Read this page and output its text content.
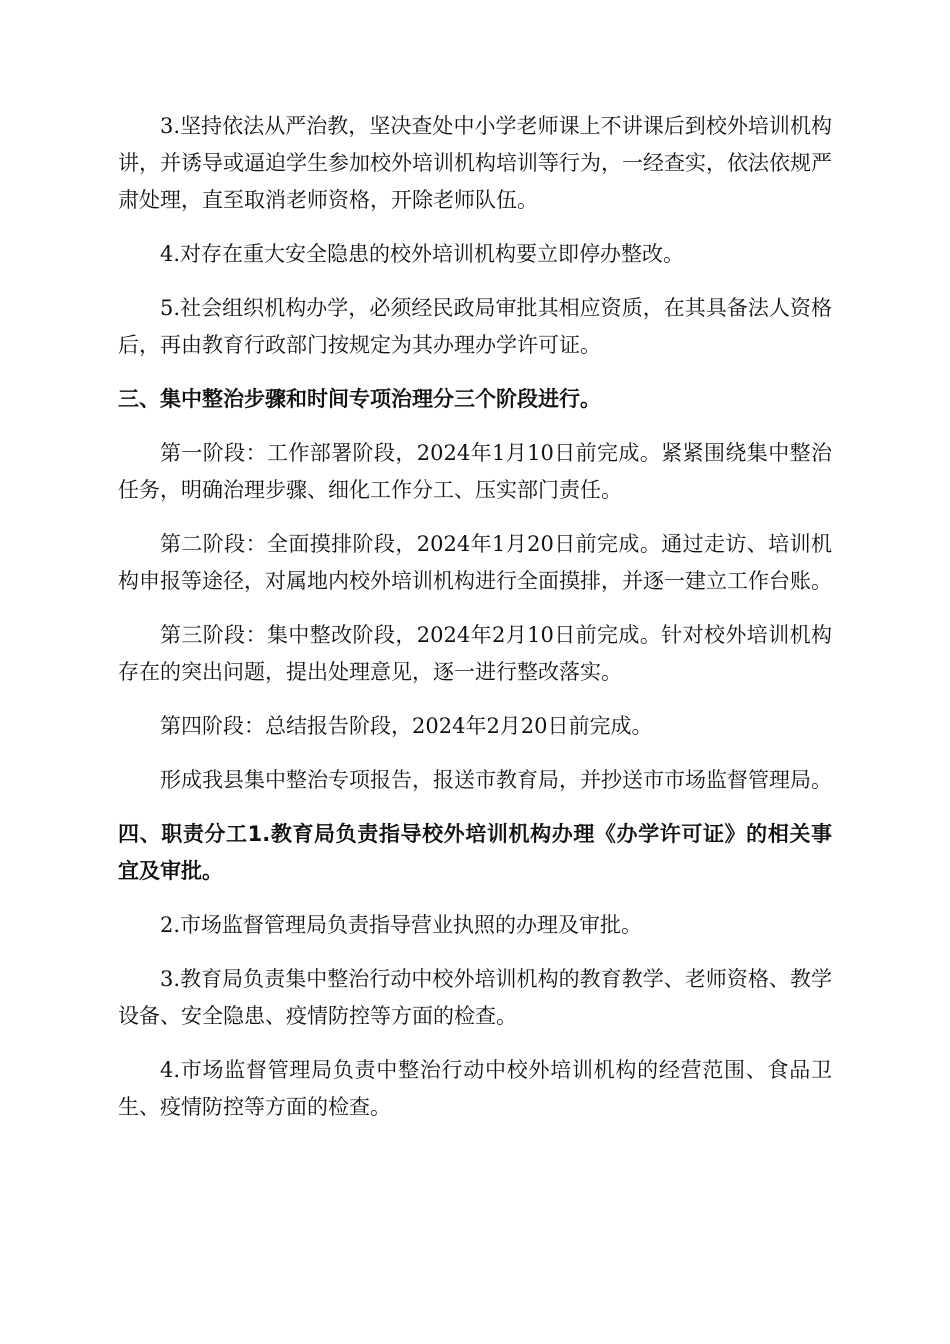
3.坚持依法从严治教，坚决查处中小学老师课上不讲课后到校外培训机构讲，并诱导或逼迫学生参加校外培训机构培训等行为，一经查实，依法依规严肃处理，直至取消老师资格，开除老师队伍。

4.对存在重大安全隐患的校外培训机构要立即停办整改。

5.社会组织机构办学，必须经民政局审批其相应资质，在其具备法人资格后，再由教育行政部门按规定为其办理办学许可证。

三、集中整治步骤和时间专项治理分三个阶段进行。

第一阶段：工作部署阶段，2024年1月10日前完成。紧紧围绕集中整治任务，明确治理步骤、细化工作分工、压实部门责任。

第二阶段：全面摸排阶段，2024年1月20日前完成。通过走访、培训机构申报等途径，对属地内校外培训机构进行全面摸排，并逐一建立工作台账。

第三阶段：集中整改阶段，2024年2月10日前完成。针对校外培训机构存在的突出问题，提出处理意见，逐一进行整改落实。

第四阶段：总结报告阶段，2024年2月20日前完成。

形成我县集中整治专项报告，报送市教育局，并抄送市市场监督管理局。

四、职责分工1.教育局负责指导校外培训机构办理《办学许可证》的相关事宜及审批。

2.市场监督管理局负责指导营业执照的办理及审批。

3.教育局负责集中整治行动中校外培训机构的教育教学、老师资格、教学设备、安全隐患、疫情防控等方面的检查。

4.市场监督管理局负责中整治行动中校外培训机构的经营范围、食品卫生、疫情防控等方面的检查。
